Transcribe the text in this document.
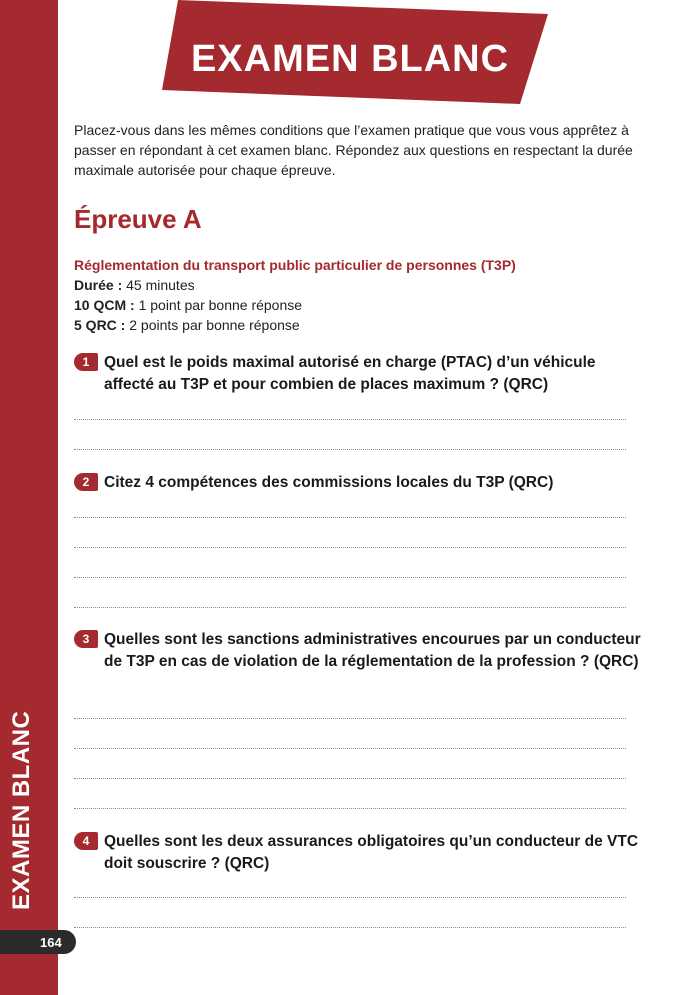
EXAMEN BLANC
164
EXAMEN BLANC
Placez-vous dans les mêmes conditions que l’examen pratique que vous vous apprêtez à passer en répondant à cet examen blanc. Répondez aux questions en respectant la durée maximale autorisée pour chaque épreuve.
Épreuve A
Réglementation du transport public particulier de personnes (T3P)
Durée : 45 minutes
10 QCM : 1 point par bonne réponse
5 QRC : 2 points par bonne réponse
1 Quel est le poids maximal autorisé en charge (PTAC) d’un véhicule affecté au T3P et pour combien de places maximum ? (QRC)
2 Citez 4 compétences des commissions locales du T3P (QRC)
3 Quelles sont les sanctions administratives encourues par un conducteur de T3P en cas de violation de la réglementation de la profession ? (QRC)
4 Quelles sont les deux assurances obligatoires qu’un conducteur de VTC doit souscrire ? (QRC)
